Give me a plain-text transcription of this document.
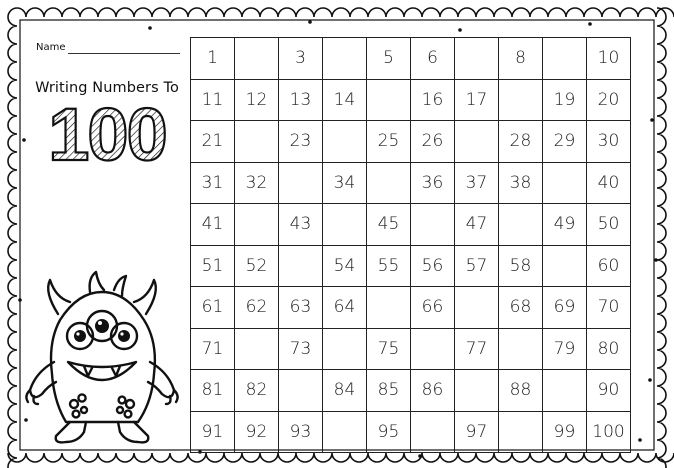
Name
Writing Numbers To
100
1		3		5	6		8		10
11	12	13	14		16	17		19	20
21		23		25	26		28	29	30
31	32		34		36	37	38		40
41		43		45		47		49	50
51	52		54	55	56	57	58		60
61	62	63	64		66		68	69	70
71		73		75		77		79	80
81	82		84	85	86		88		90
91	92	93		95		97		99	100
